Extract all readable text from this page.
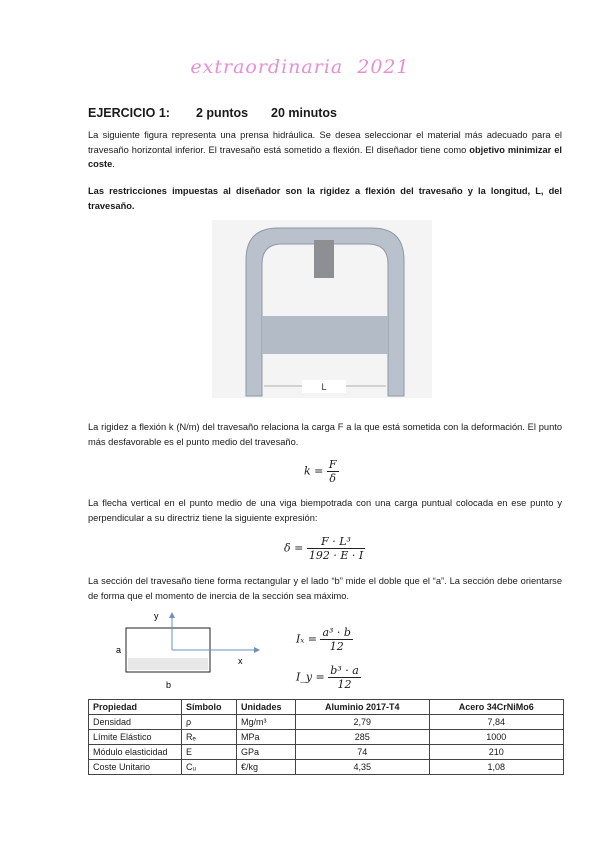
extraordinaria 2021
EJERCICIO 1: 2 puntos 20 minutos
La siguiente figura representa una prensa hidráulica. Se desea seleccionar el material más adecuado para el travesaño horizontal inferior. El travesaño está sometido a flexión. El diseñador tiene como objetivo minimizar el coste.
Las restricciones impuestas al diseñador son la rigidez a flexión del travesaño y la longitud, L, del travesaño.
L
La rigidez a flexión k (N/m) del travesaño relaciona la carga F a la que está sometida con la deformación. El punto más desfavorable es el punto medio del travesaño.
$k = \frac{F}{\delta}$
La flecha vertical en el punto medio de una viga biempotrada con una carga puntual colocada en ese punto y perpendicular a su directriz tiene la siguiente expresión:
$\delta = \frac{\text{F · L³}}{192 \cdot E \cdot I}$
La sección del travesaño tiene forma rectangular y el lado “b” mide el doble que el “a”. La sección debe orientarse de forma que el momento de inercia de la sección sea máximo.
y
x
a
b
$I_x = \frac{\text{a³ · b}}{12}$
I_y = $\frac{\text{b³ · a}}{12}$
Propiedad	Símbolo	Unidades	Aluminio 2017-T4	Acero 34CrNiMo6
Densidad	ρ	Mg/m³	2,79	7,84
Límite Elástico	Rₑ	MPa	285	1000
Módulo elasticidad	E	GPa	74	210
Coste Unitario	Cᵤ	€/kg	4,35	1,08
